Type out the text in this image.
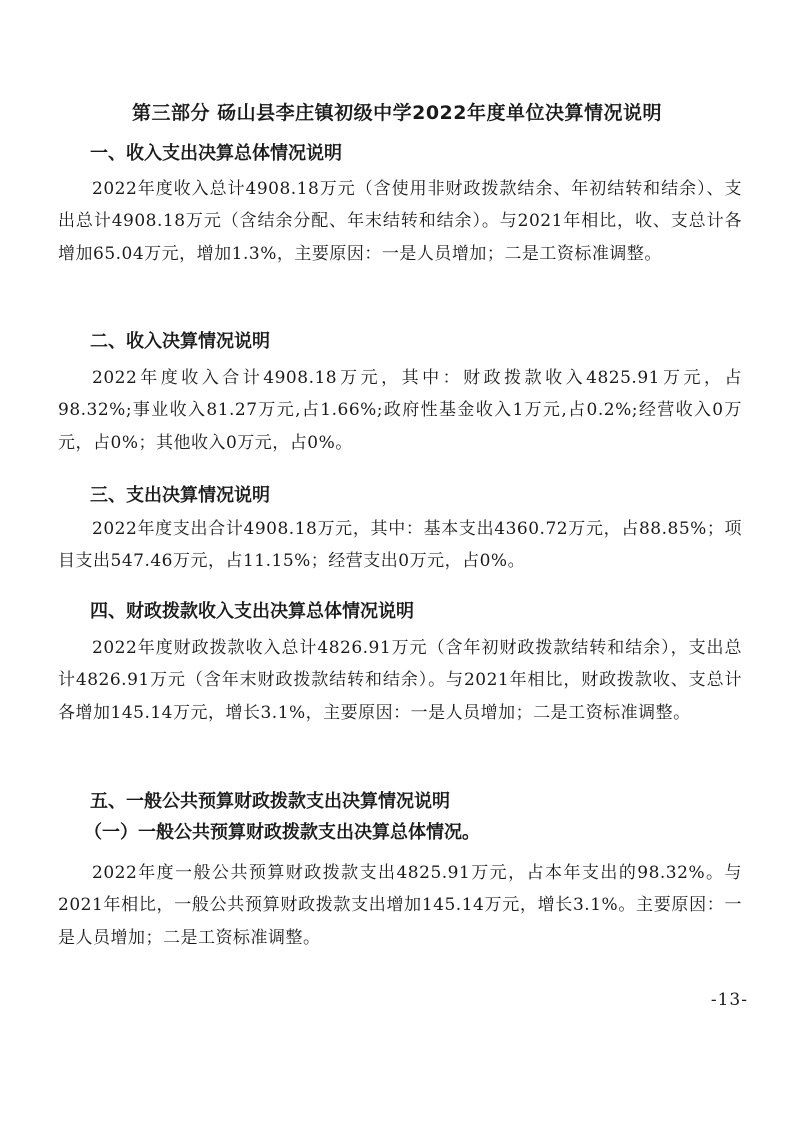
第三部分 砀山县李庄镇初级中学2022年度单位决算情况说明
一、收入支出决算总体情况说明
2022年度收入总计4908.18万元（含使用非财政拨款结余、年初结转和结余）、支出总计4908.18万元（含结余分配、年末结转和结余）。与2021年相比，收、支总计各增加65.04万元，增加1.3%，主要原因：一是人员增加；二是工资标准调整。
二、收入决算情况说明
2022年度收入合计4908.18万元，其中：财政拨款收入4825.91万元，占98.32%;事业收入81.27万元,占1.66%;政府性基金收入1万元,占0.2%;经营收入0万元，占0%；其他收入0万元，占0%。
三、支出决算情况说明
2022年度支出合计4908.18万元，其中：基本支出4360.72万元，占88.85%；项目支出547.46万元，占11.15%；经营支出0万元，占0%。
四、财政拨款收入支出决算总体情况说明
2022年度财政拨款收入总计4826.91万元（含年初财政拨款结转和结余），支出总计4826.91万元（含年末财政拨款结转和结余）。与2021年相比，财政拨款收、支总计各增加145.14万元，增长3.1%，主要原因：一是人员增加；二是工资标准调整。
五、一般公共预算财政拨款支出决算情况说明
（一）一般公共预算财政拨款支出决算总体情况。
2022年度一般公共预算财政拨款支出4825.91万元，占本年支出的98.32%。与2021年相比，一般公共预算财政拨款支出增加145.14万元，增长3.1%。主要原因：一是人员增加；二是工资标准调整。
-13-
